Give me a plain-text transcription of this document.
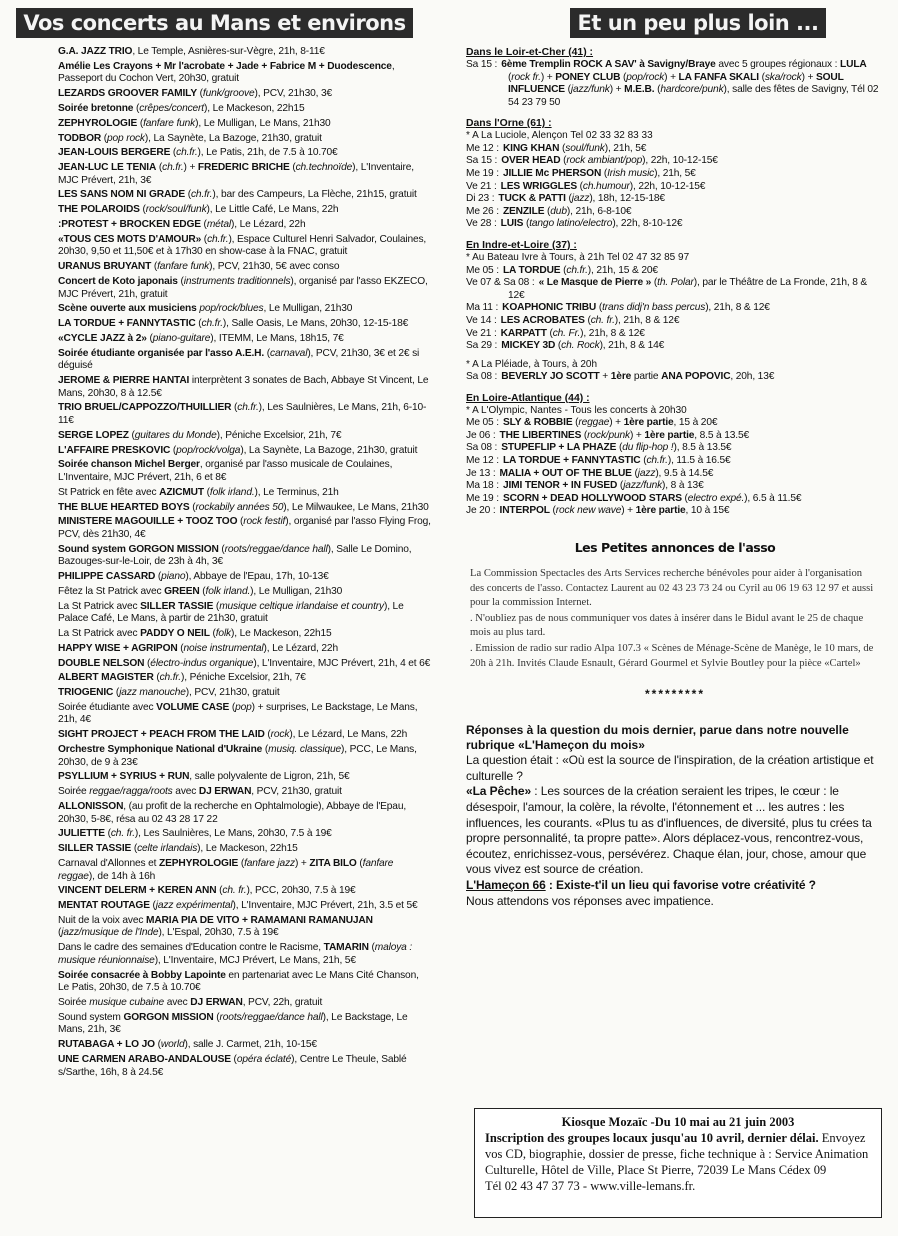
Vos concerts au Mans et environs	Et un peu plus loin ...
G.A. JAZZ TRIO, Le Temple, Asnières-sur-Vègre, 21h, 8-11€
Amélie Les Crayons + Mr l'acrobate + Jade + Fabrice M + Duodescence, Passeport du Cochon Vert, 20h30, gratuit
LEZARDS GROOVER FAMILY (funk/groove), PCV, 21h30, 3€
Soirée bretonne (crêpes/concert), Le Mackeson, 22h15
ZEPHYROLOGIE (fanfare funk), Le Mulligan, Le Mans, 21h30
TODBOR (pop rock), La Saynète, La Bazoge, 21h30, gratuit
JEAN-LOUIS BERGERE (ch.fr.), Le Patis, 21h, de 7.5 à 10.70€
JEAN-LUC LE TENIA (ch.fr.) + FREDERIC BRICHE (ch.technoïde), L'Inventaire, MJC Prévert, 21h, 3€
LES SANS NOM NI GRADE (ch.fr.), bar des Campeurs, La Flèche, 21h15, gratuit
THE POLAROIDS (rock/soul/funk), Le Little Café, Le Mans, 22h
:PROTEST + BROCKEN EDGE (métal), Le Lézard, 22h
«TOUS CES MOTS D'AMOUR» (ch.fr.), Espace Culturel Henri Salvador, Coulaines, 20h30, 9,50 et 11,50€ et à 17h30 en show-case à la FNAC, gratuit
URANUS BRUYANT (fanfare funk), PCV, 21h30, 5€ avec conso
Concert de Koto japonais (instruments traditionnels), organisé par l'asso EKZECO, MJC Prévert, 21h, gratuit
Scène ouverte aux musiciens pop/rock/blues, Le Mulligan, 21h30
LA TORDUE + FANNYTASTIC (ch.fr.), Salle Oasis, Le Mans, 20h30, 12-15-18€
«CYCLE JAZZ à 2» (piano-guitare), ITEMM, Le Mans, 18h15, 7€
Soirée étudiante organisée par l'asso A.E.H. (carnaval), PCV, 21h30, 3€ et 2€ si déguisé
JEROME & PIERRE HANTAI interprètent 3 sonates de Bach, Abbaye St Vincent, Le Mans, 20h30, 8 à 12.5€
TRIO BRUEL/CAPPOZZO/THUILLIER (ch.fr.), Les Saulnières, Le Mans, 21h, 6-10-11€
SERGE LOPEZ (guitares du Monde), Péniche Excelsior, 21h, 7€
L'AFFAIRE PRESKOVIC (pop/rock/volga), La Saynète, La Bazoge, 21h30, gratuit
Soirée chanson Michel Berger, organisé par l'asso musicale de Coulaines, L'Inventaire, MJC Prévert, 21h, 6 et 8€
St Patrick en fête avec AZICMUT (folk irland.), Le Terminus, 21h
THE BLUE HEARTED BOYS (rockabily années 50), Le Milwaukee, Le Mans, 21h30
MINISTERE MAGOUILLE + TOOZ TOO (rock festif), organisé par l'asso Flying Frog, PCV, dès 21h30, 4€
Sound system GORGON MISSION (roots/reggae/dance hall), Salle Le Domino, Bazouges-sur-le-Loir, de 23h à 4h, 3€
PHILIPPE CASSARD (piano), Abbaye de l'Epau, 17h, 10-13€
Fêtez la St Patrick avec GREEN (folk irland.), Le Mulligan, 21h30
La St Patrick avec SILLER TASSIE (musique celtique irlandaise et country), Le Palace Café, Le Mans, à partir de 21h30, gratuit
La St Patrick avec PADDY O NEIL (folk), Le Mackeson, 22h15
HAPPY WISE + AGRIPON (noise instrumental), Le Lézard, 22h
DOUBLE NELSON (électro-indus organique), L'Inventaire, MJC Prévert, 21h, 4 et 6€
ALBERT MAGISTER (ch.fr.), Péniche Excelsior, 21h, 7€
TRIOGENIC (jazz manouche), PCV, 21h30, gratuit
Soirée étudiante avec VOLUME CASE (pop) + surprises, Le Backstage, Le Mans, 21h, 4€
SIGHT PROJECT + PEACH FROM THE LAID (rock), Le Lézard, Le Mans, 22h
Orchestre Symphonique National d'Ukraine (musiq. classique), PCC, Le Mans, 20h30, de 9 à 23€
PSYLLIUM + SYRIUS + RUN, salle polyvalente de Ligron, 21h, 5€
Soirée reggae/ragga/roots avec DJ ERWAN, PCV, 21h30, gratuit
ALLONISSON, (au profit de la recherche en Ophtalmologie), Abbaye de l'Epau, 20h30, 5-8€, résa au 02 43 28 17 22
JULIETTE (ch. fr.), Les Saulnières, Le Mans, 20h30, 7.5 à 19€
SILLER TASSIE (celte irlandais), Le Mackeson, 22h15
Carnaval d'Allonnes et ZEPHYROLOGIE (fanfare jazz) + ZITA BILO (fanfare reggae), de 14h à 16h
VINCENT DELERM + KEREN ANN (ch. fr.), PCC, 20h30, 7.5 à 19€
MENTAT ROUTAGE (jazz expérimental), L'Inventaire, MJC Prévert, 21h, 3.5 et 5€
Nuit de la voix avec MARIA PIA DE VITO + RAMAMANI RAMANUJAN (jazz/musique de l'Inde), L'Espal, 20h30, 7.5 à 19€
Dans le cadre des semaines d'Education contre le Racisme, TAMARIN (maloya : musique réunionnaise), L'Inventaire, MCJ Prévert, Le Mans, 21h, 5€
Soirée consacrée à Bobby Lapointe en partenariat avec Le Mans Cité Chanson, Le Patis, 20h30, de 7.5 à 10.70€
Soirée musique cubaine avec DJ ERWAN, PCV, 22h, gratuit
Sound system GORGON MISSION (roots/reggae/dance hall), Le Backstage, Le Mans, 21h, 3€
RUTABAGA + LO JO (world), salle J. Carmet, 21h, 10-15€
UNE CARMEN ARABO-ANDALOUSE (opéra éclaté), Centre Le Theule, Sablé s/Sarthe, 16h, 8 à 24.5€
Dans le Loir-et-Cher (41) :
Sa 15 : 6ème Tremplin ROCK A SAV' à Savigny/Braye avec 5 groupes régionaux : LULA (rock fr.) + PONEY CLUB (pop/rock) + LA FANFA SKALI (ska/rock) + SOUL INFLUENCE (jazz/funk) + M.E.B. (hardcore/punk), salle des fêtes de Savigny, Tél 02 54 23 79 50
Dans l'Orne (61) :
* A La Luciole, Alençon Tel 02 33 32 83 33
Me 12 : KING KHAN (soul/funk), 21h, 5€
Sa 15 : OVER HEAD (rock ambiant/pop), 22h, 10-12-15€
Me 19 : JILLIE Mc PHERSON (Irish music), 21h, 5€
Ve 21 : LES WRIGGLES (ch.humour), 22h, 10-12-15€
Di 23 : TUCK & PATTI (jazz), 18h, 12-15-18€
Me 26 : ZENZILE (dub), 21h, 6-8-10€
Ve 28 : LUIS (tango latino/electro), 22h, 8-10-12€
En Indre-et-Loire (37) :
* Au Bateau Ivre à Tours, à 21h Tel 02 47 32 85 97
Me 05 : LA TORDUE (ch.fr.), 21h, 15 & 20€
Ve 07 & Sa 08 : « Le Masque de Pierre » (th. Polar), par le Théâtre de La Fronde, 21h, 8 & 12€
Ma 11 : KOAPHONIC TRIBU (trans didj'n bass percus), 21h, 8 & 12€
Ve 14 : LES ACROBATES (ch. fr.), 21h, 8 & 12€
Ve 21 : KARPATT (ch. Fr.), 21h, 8 & 12€
Sa 29 : MICKEY 3D (ch. Rock), 21h, 8 & 14€
* A La Pléiade, à Tours, à 20h
Sa 08 : BEVERLY JO SCOTT + 1ère partie ANA POPOVIC, 20h, 13€
En Loire-Atlantique (44) :
* A L'Olympic, Nantes - Tous les concerts à 20h30
Me 05 : SLY & ROBBIE (reggae) + 1ère partie, 15 à 20€
Je 06 : THE LIBERTINES (rock/punk) + 1ère partie, 8.5 à 13.5€
Sa 08 : STUPEFLIP + LA PHAZE (du flip-hop !), 8.5 à 13.5€
Me 12 : LA TORDUE + FANNYTASTIC (ch.fr.), 11.5 à 16.5€
Je 13 : MALIA + OUT OF THE BLUE (jazz), 9.5 à 14.5€
Ma 18 : JIMI TENOR + IN FUSED (jazz/funk), 8 à 13€
Me 19 : SCORN + DEAD HOLLYWOOD STARS (electro expé.), 6.5 à 11.5€
Je 20 : INTERPOL (rock new wave) + 1ère partie, 10 à 15€
Les Petites annonces de l'asso

La Commission Spectacles des Arts Services recherche bénévoles pour aider à l'organisation des concerts de l'asso. Contactez Laurent au 02 43 23 73 24 ou Cyril au 06 19 63 12 97 et aussi pour la commission Internet.

. N'oubliez pas de nous communiquer vos dates à insérer dans le Bidul avant le 25 de chaque mois au plus tard.

. Emission de radio sur radio Alpa 107.3 « Scènes de Ménage-Scène de Manège, le 10 mars, de 20h à 21h. Invités Claude Esnault, Gérard Gourmel et Sylvie Boutley pour la pièce «Cartel»

*********
Réponses à la question du mois dernier, parue dans notre nouvelle rubrique «L'Hameçon du mois»
La question était : «Où est la source de l'inspiration, de la création artistique et culturelle ?
«La Pêche» : Les sources de la création seraient les tripes, le cœur : le désespoir, l'amour, la colère, la révolte, l'étonnement et ... les autres : les influences, les courants. «Plus tu as d'influences, de diversité, plus tu crées ta propre personnalité, ta propre patte». Alors déplacez-vous, rencontrez-vous, écoutez, enrichissez-vous, persévérez. Chaque élan, jour, chose, amour que vous vivez est source de création.
L'Hameçon 66 : Existe-t'il un lieu qui favorise votre créativité ?
Nous attendons vos réponses avec impatience.
Kiosque Mozaïc -Du 10 mai au 21 juin 2003
Inscription des groupes locaux jusqu'au 10 avril, dernier délai. Envoyez vos CD, biographie, dossier de presse, fiche technique à : Service Animation Culturelle, Hôtel de Ville, Place St Pierre, 72039 Le Mans Cédex 09
Tél 02 43 47 37 73 - www.ville-lemans.fr.
